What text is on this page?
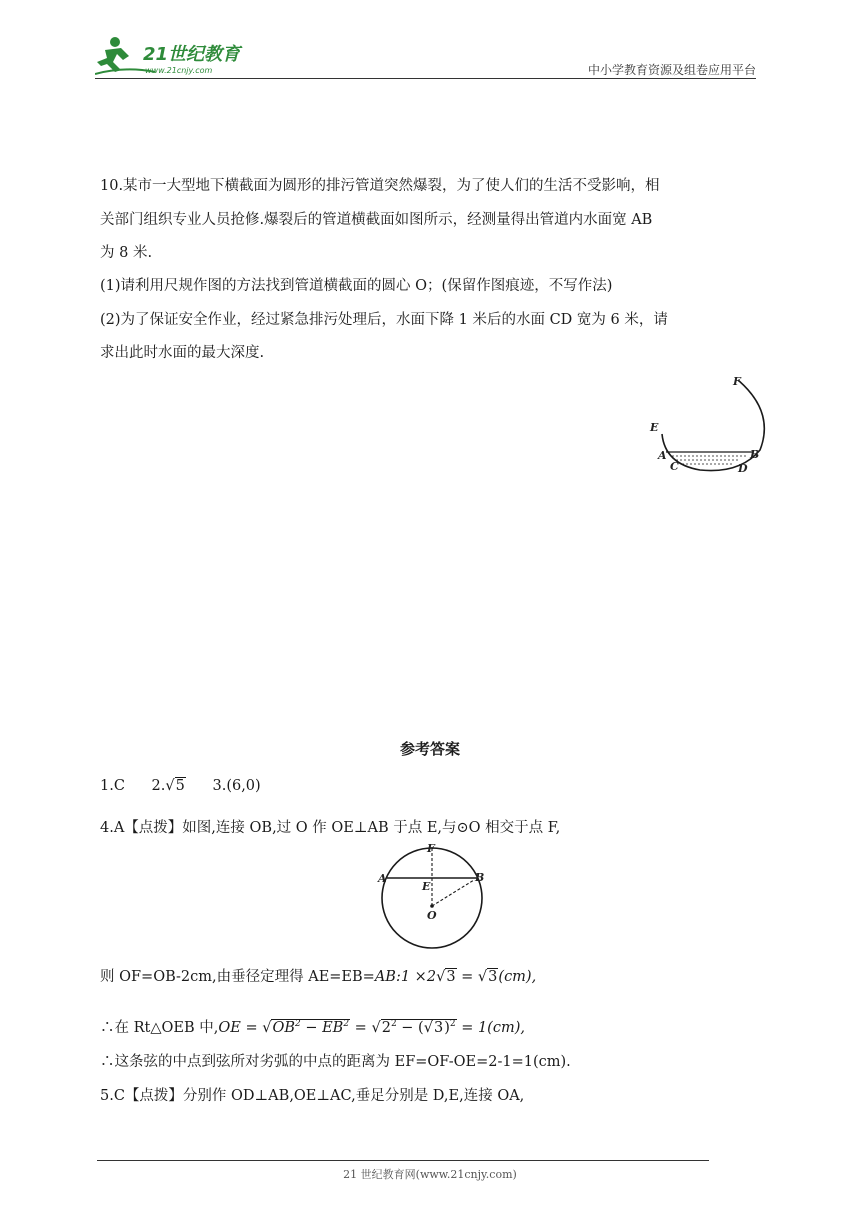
21世纪教育
www.21cnjy.com	中小学教育资源及组卷应用平台
10.某市一大型地下横截面为圆形的排污管道突然爆裂，为了使人们的生活不受影响，相
关部门组织专业人员抢修.爆裂后的管道横截面如图所示，经测量得出管道内水面宽 AB
为 8 米.
(1)请利用尺规作图的方法找到管道横截面的圆心 O；(保留作图痕迹，不写作法)
(2)为了保证安全作业，经过紧急排污处理后，水面下降 1 米后的水面 CD 宽为 6 米，请
求出此时水面的最大深度.
F
E
A	B
C	D
参考答案
1.C 2.√5 3.(6,0)
4.A【点拨】如图,连接 OB,过 O 作 OE⊥AB 于点 E,与⊙O 相交于点 F,
F
A
E
B
O
则 OF=OB-2cm,由垂径定理得 AE=EB=AB:1 ×2√3 = √3(cm),
∴在 Rt△OEB 中$,OE = √OB^2 - EB^2 = √2^2 - (√3)^2 = 1(cm)$,
∴这条弦的中点到弦所对劣弧的中点的距离为 EF=OF-OE=2-1=1(cm).
5.C【点拨】分别作 OD⊥AB,OE⊥AC,垂足分别是 D,E,连接 OA,
21 世纪教育网(www.21cnjy.com)
